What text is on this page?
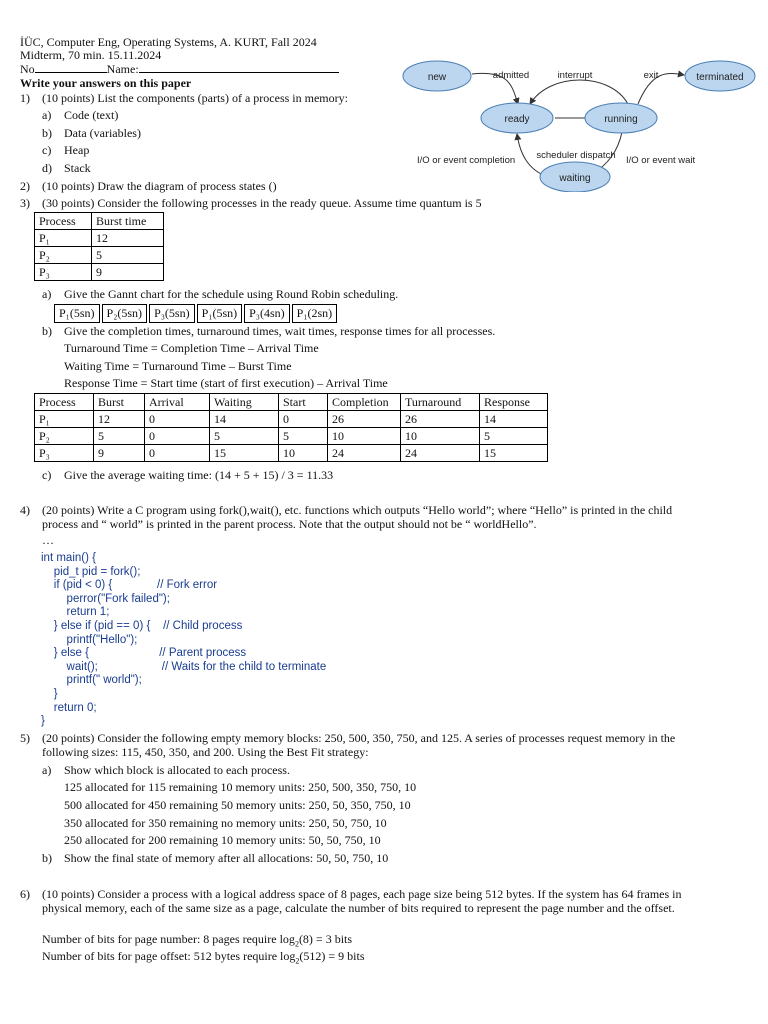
İÜC, Computer Eng, Operating Systems, A. KURT, Fall 2024
Midterm, 70 min. 15.11.2024
No	Name:
Write your answers on this paper
1) (10 points) List the components (parts) of a process in memory:
a) Code (text)
b) Data (variables)
c) Heap
d) Stack
new	terminated
ready	running
waiting
admitted	interrupt	exit
I/O or event completion scheduler dispatch I/O or event wait
2) (10 points) Draw the diagram of process states ()
3) (30 points) Consider the following processes in the ready queue. Assume time quantum is 5
Process	Burst time
P₁	12
P₂	5
P₃	9
a) Give the Gannt chart for the schedule using Round Robin scheduling.
P₁(5sn)	P₂(5sn)	P₃(5sn)	P₁(5sn)	P₃(4sn)	P₁(2sn)
b) Give the completion times, turnaround times, wait times, response times for all processes.
Turnaround Time = Completion Time – Arrival Time
Waiting Time = Turnaround Time – Burst Time
Response Time = Start time (start of first execution) – Arrival Time
Process	Burst	Arrival	Waiting	Start	Completion	Turnaround	Response
P₁	12	0	14	0	26	26	14
P₂	5	0	5	5	10	10	5
P₃	9	0	15	10	24	24	15
c) Give the average waiting time: (14 + 5 + 15) / 3 = 11.33
4) (20 points) Write a C program using fork(),wait(), etc. functions which outputs “Hello world”; where “Hello” is printed in the child
process and “ world” is printed in the parent process. Note that the output should not be “ worldHello”.
…
int main() {
pid_t pid = fork();
if (pid < 0) {              // Fork error
perror("Fork failed");
return 1;
} else if (pid == 0) {    // Child process
printf("Hello");
} else {                      // Parent process
wait();                    // Waits for the child to terminate
printf(" world");
}
return 0;
}
5) (20 points) Consider the following empty memory blocks: 250, 500, 350, 750, and 125. A series of processes request memory in the
following sizes: 115, 450, 350, and 200. Using the Best Fit strategy:
a) Show which block is allocated to each process.
125 allocated for 115 remaining 10 memory units: 250, 500, 350, 750, 10
500 allocated for 450 remaining 50 memory units: 250, 50, 350, 750, 10
350 allocated for 350 remaining no memory units: 250, 50, 750, 10
250 allocated for 200 remaining 10 memory units: 50, 50, 750, 10
b) Show the final state of memory after all allocations: 50, 50, 750, 10
6) (10 points) Consider a process with a logical address space of 8 pages, each page size being 512 bytes. If the system has 64 frames in
physical memory, each of the same size as a page, calculate the number of bits required to represent the page number and the offset.
Number of bits for page number: 8 pages require $\log_2(8) = 3$ bits
Number of bits for page offset: 512 bytes require $\log_2(512) = 9$ bits
